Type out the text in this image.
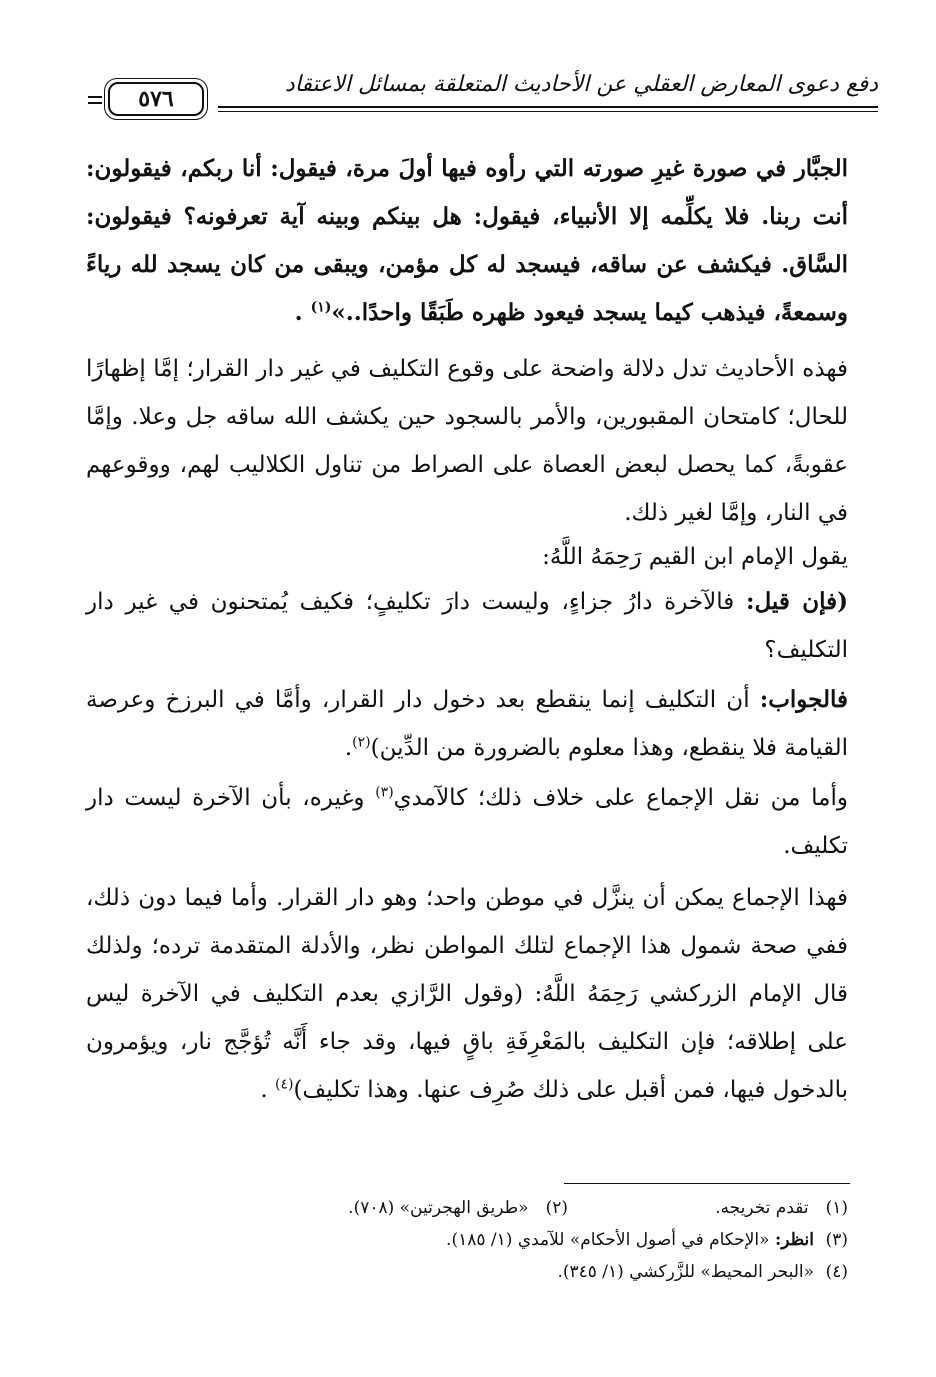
دفع دعوى المعارض العقلي عن الأحاديث المتعلقة بمسائل الاعتقاد
٥٧٦

الجبَّار في صورة غيرِ صورته التي رأوه فيها أولَ مرة، فيقول: أنا ربكم، فيقولون: أنت ربنا. فلا يكلِّمه إلا الأنبياء، فيقول: هل بينكم وبينه آية تعرفونه؟ فيقولون: السَّاق. فيكشف عن ساقه، فيسجد له كل مؤمن، ويبقى من كان يسجد لله رياءً وسمعةً، فيذهب كيما يسجد فيعود ظهره طَبَقًا واحدًا..»$^{(١)}$ .

فهذه الأحاديث تدل دلالة واضحة على وقوع التكليف في غير دار القرار؛ إمَّا إظهارًا للحال؛ كامتحان المقبورين، والأمر بالسجود حين يكشف الله ساقه جل وعلا. وإمَّا عقوبةً، كما يحصل لبعض العصاة على الصراط من تناول الكلاليب لهم، ووقوعهم في النار، وإمَّا لغير ذلك.

يقول الإمام ابن القيم رَحِمَهُ اللَّهُ:

(فإن قيل: فالآخرة دارُ جزاءٍ، وليست دارَ تكليفٍ؛ فكيف يُمتحنون في غير دار التكليف؟

فالجواب: أن التكليف إنما ينقطع بعد دخول دار القرار، وأمَّا في البرزخ وعرصة القيامة فلا ينقطع، وهذا معلوم بالضرورة من الدِّين)$^{(٢)}$.

وأما من نقل الإجماع على خلاف ذلك؛ كالآمدي$^{(٣)}$ وغيره، بأن الآخرة ليست دار تكليف.

فهذا الإجماع يمكن أن ينزَّل في موطن واحد؛ وهو دار القرار. وأما فيما دون ذلك، ففي صحة شمول هذا الإجماع لتلك المواطن نظر، والأدلة المتقدمة ترده؛ ولذلك قال الإمام الزركشي رَحِمَهُ اللَّهُ: (وقول الرَّازي بعدم التكليف في الآخرة ليس على إطلاقه؛ فإن التكليف بالمَعْرِفَةِ باقٍ فيها، وقد جاء أَنَّه تُؤجَّج نار، ويؤمرون بالدخول فيها، فمن أقبل على ذلك صُرِف عنها. وهذا تكليف)$^{(٤)}$ .

(١) تقدم تخريجه.
(٢) «طريق الهجرتين» (٧٠٨).
(٣)
انظر:

«الإحكام في أصول الأحكام» للآمدي (١/ ١٨٥).
(٤)
«البحر المحيط» للزَّركشي (١/ ٣٤٥).
